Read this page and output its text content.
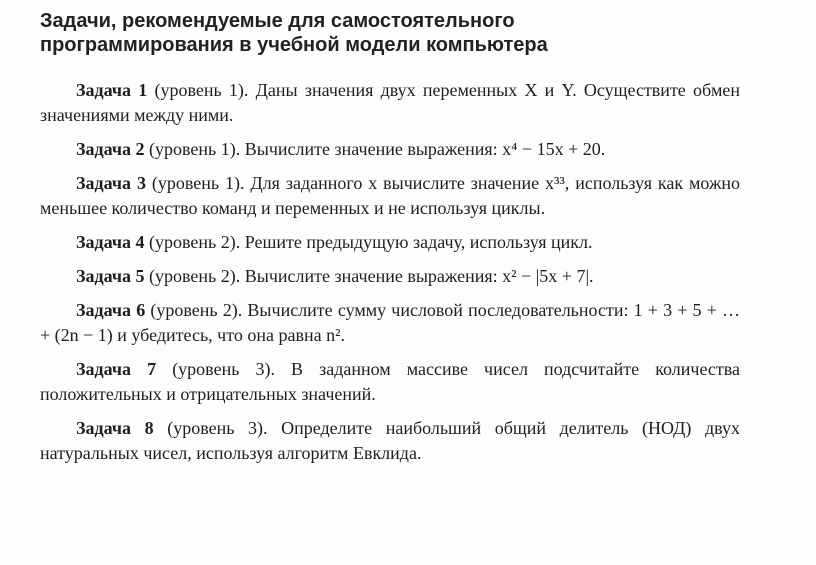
Задачи, рекомендуемые для самостоятельного
программирования в учебной модели компьютера

Задача 1 (уровень 1). Даны значения двух переменных X и Y. Осуществите обмен значениями между ними.

Задача 2 (уровень 1). Вычислите значение выражения: x⁴ − 15x + 20.

Задача 3 (уровень 1). Для заданного x вычислите значение x³³, используя как можно меньшее количество команд и переменных и не используя циклы.

Задача 4 (уровень 2). Решите предыдущую задачу, используя цикл.

Задача 5 (уровень 2). Вычислите значение выражения: x² − |5x + 7|.

Задача 6 (уровень 2). Вычислите сумму числовой последовательности: 1 + 3 + 5 + … + (2n − 1) и убедитесь, что она равна n².

Задача 7 (уровень 3). В заданном массиве чисел подсчитайте количества положительных и отрицательных значений.

Задача 8 (уровень 3). Определите наибольший общий делитель (НОД) двух натуральных чисел, используя алгоритм Евклида.
